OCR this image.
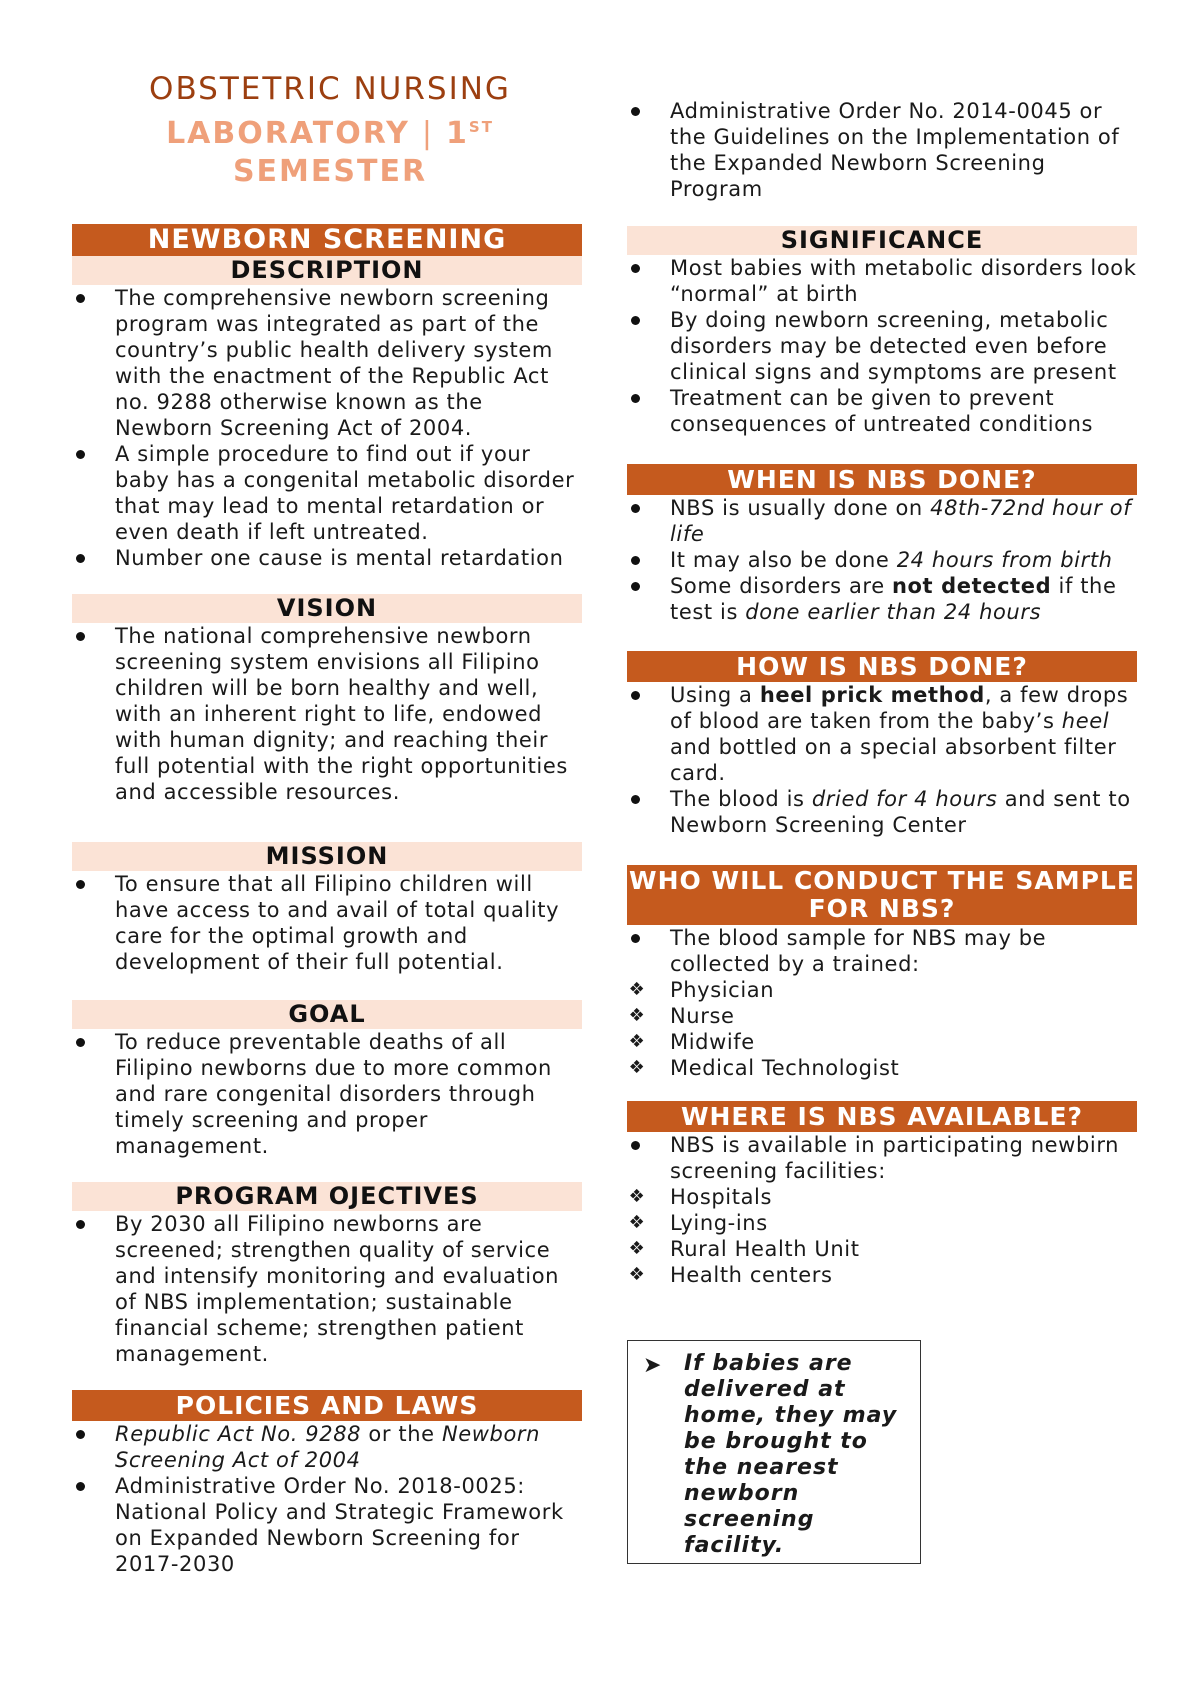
OBSTETRIC NURSING
LABORATORY | 1ST
SEMESTER
NEWBORN SCREENING
DESCRIPTION
The comprehensive newborn screening program was integrated as part of the country’s public health delivery system with the enactment of the Republic Act no. 9288 otherwise known as the Newborn Screening Act of 2004.
A simple procedure to find out if your baby has a congenital metabolic disorder that may lead to mental retardation or even death if left untreated.
Number one cause is mental retardation
VISION
The national comprehensive newborn screening system envisions all Filipino children will be born healthy and well, with an inherent right to life, endowed with human dignity; and reaching their full potential with the right opportunities and accessible resources.
MISSION
To ensure that all Filipino children will have access to and avail of total quality care for the optimal growth and development of their full potential.
GOAL
To reduce preventable deaths of all Filipino newborns due to more common and rare congenital disorders through timely screening and proper management.
PROGRAM OJECTIVES
By 2030 all Filipino newborns are screened; strengthen quality of service and intensify monitoring and evaluation of NBS implementation; sustainable financial scheme; strengthen patient management.
POLICIES AND LAWS
Republic Act No. 9288 or the Newborn Screening Act of 2004
Administrative Order No. 2018-0025: National Policy and Strategic Framework on Expanded Newborn Screening for 2017-2030
Administrative Order No. 2014-0045 or the Guidelines on the Implementation of the Expanded Newborn Screening Program
SIGNIFICANCE
Most babies with metabolic disorders look “normal” at birth
By doing newborn screening, metabolic disorders may be detected even before clinical signs and symptoms are present
Treatment can be given to prevent consequences of untreated conditions
WHEN IS NBS DONE?
NBS is usually done on 48th-72nd hour of life
It may also be done 24 hours from birth
Some disorders are not detected if the test is done earlier than 24 hours
HOW IS NBS DONE?
Using a heel prick method, a few drops of blood are taken from the baby’s heel and bottled on a special absorbent filter card.
The blood is dried for 4 hours and sent to Newborn Screening Center
WHO WILL CONDUCT THE SAMPLE FOR NBS?
The blood sample for NBS may be collected by a trained:
❖ Physician
❖ Nurse
❖ Midwife
❖ Medical Technologist
WHERE IS NBS AVAILABLE?
NBS is available in participating newbirn screening facilities:
❖ Hospitals
❖ Lying-ins
❖ Rural Health Unit
❖ Health centers
➤ If babies are delivered at home, they may be brought to the nearest newborn screening facility.
